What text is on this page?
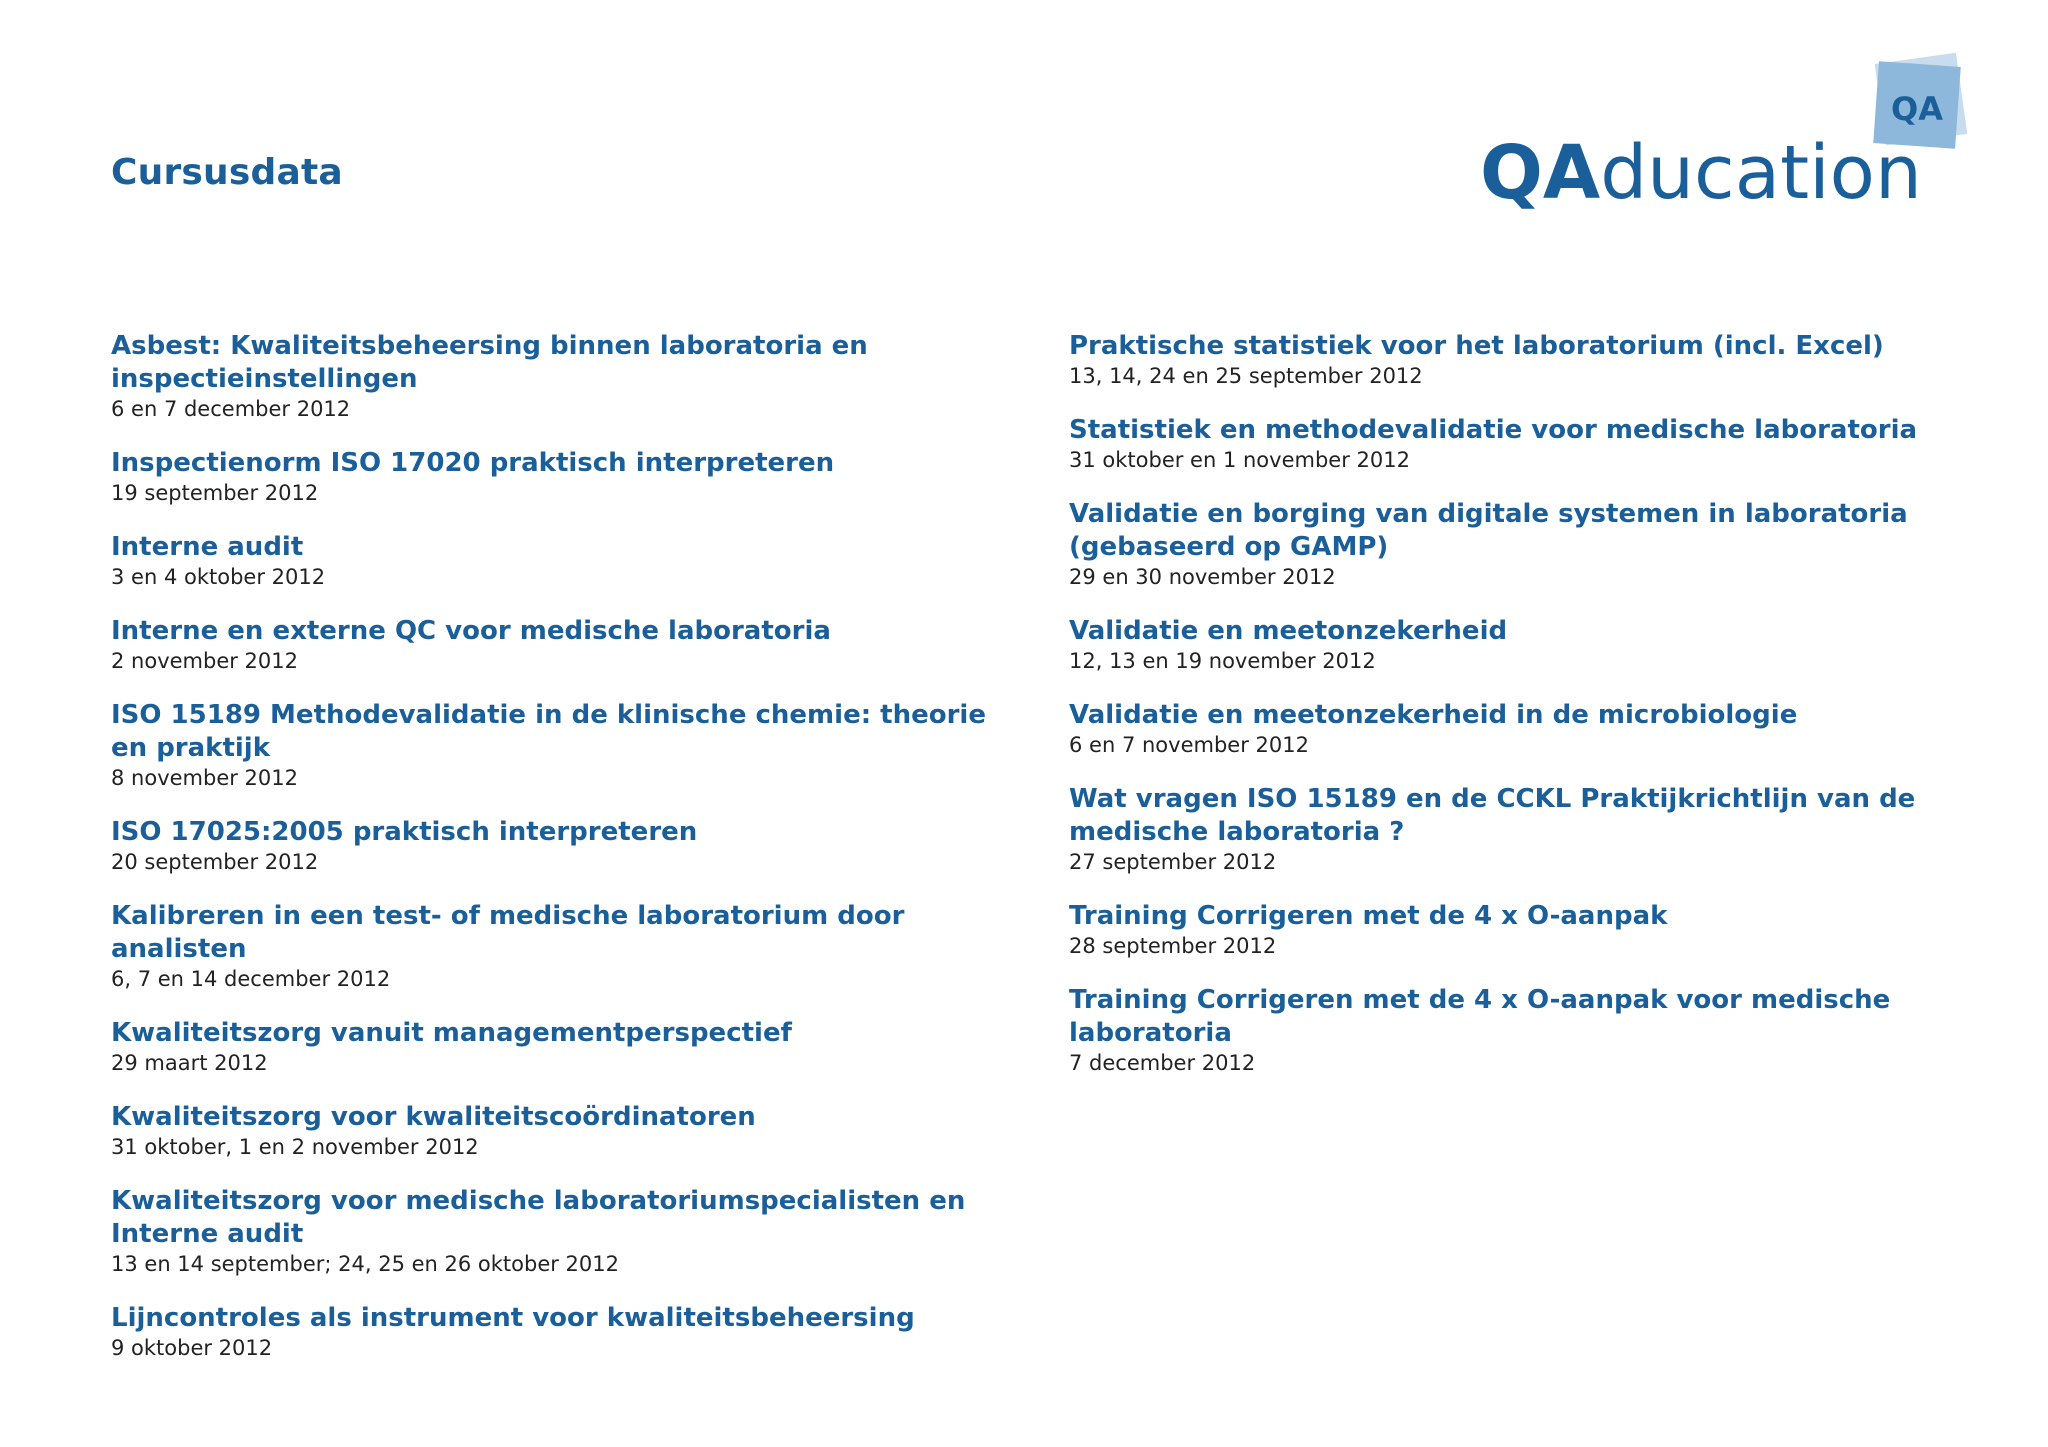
Cursusdata
QA
QAducation

Asbest: Kwaliteitsbeheersing binnen laboratoria en inspectieinstellingen

6 en 7 december 2012

Inspectienorm ISO 17020 praktisch interpreteren

19 september 2012

Interne audit

3 en 4 oktober 2012

Interne en externe QC voor medische laboratoria

2 november 2012

ISO 15189 Methodevalidatie in de klinische chemie: theorie en praktijk

8 november 2012

ISO 17025:2005 praktisch interpreteren

20 september 2012

Kalibreren in een test- of medische laboratorium door analisten

6, 7 en 14 december 2012

Kwaliteitszorg vanuit managementperspectief

29 maart 2012

Kwaliteitszorg voor kwaliteitscoördinatoren

31 oktober, 1 en 2 november 2012

Kwaliteitszorg voor medische laboratoriumspecialisten en Interne audit

13 en 14 september; 24, 25 en 26 oktober 2012

Lijncontroles als instrument voor kwaliteitsbeheersing

9 oktober 2012

Praktische statistiek voor het laboratorium (incl. Excel)

13, 14, 24 en 25 september 2012

Statistiek en methodevalidatie voor medische laboratoria

31 oktober en 1 november 2012

Validatie en borging van digitale systemen in laboratoria (gebaseerd op GAMP)

29 en 30 november 2012

Validatie en meetonzekerheid

12, 13 en 19 november 2012

Validatie en meetonzekerheid in de microbiologie

6 en 7 november 2012

Wat vragen ISO 15189 en de CCKL Praktijkrichtlijn van de medische laboratoria ?

27 september 2012

Training Corrigeren met de 4 x O-aanpak

28 september 2012

Training Corrigeren met de 4 x O-aanpak voor medische laboratoria

7 december 2012
